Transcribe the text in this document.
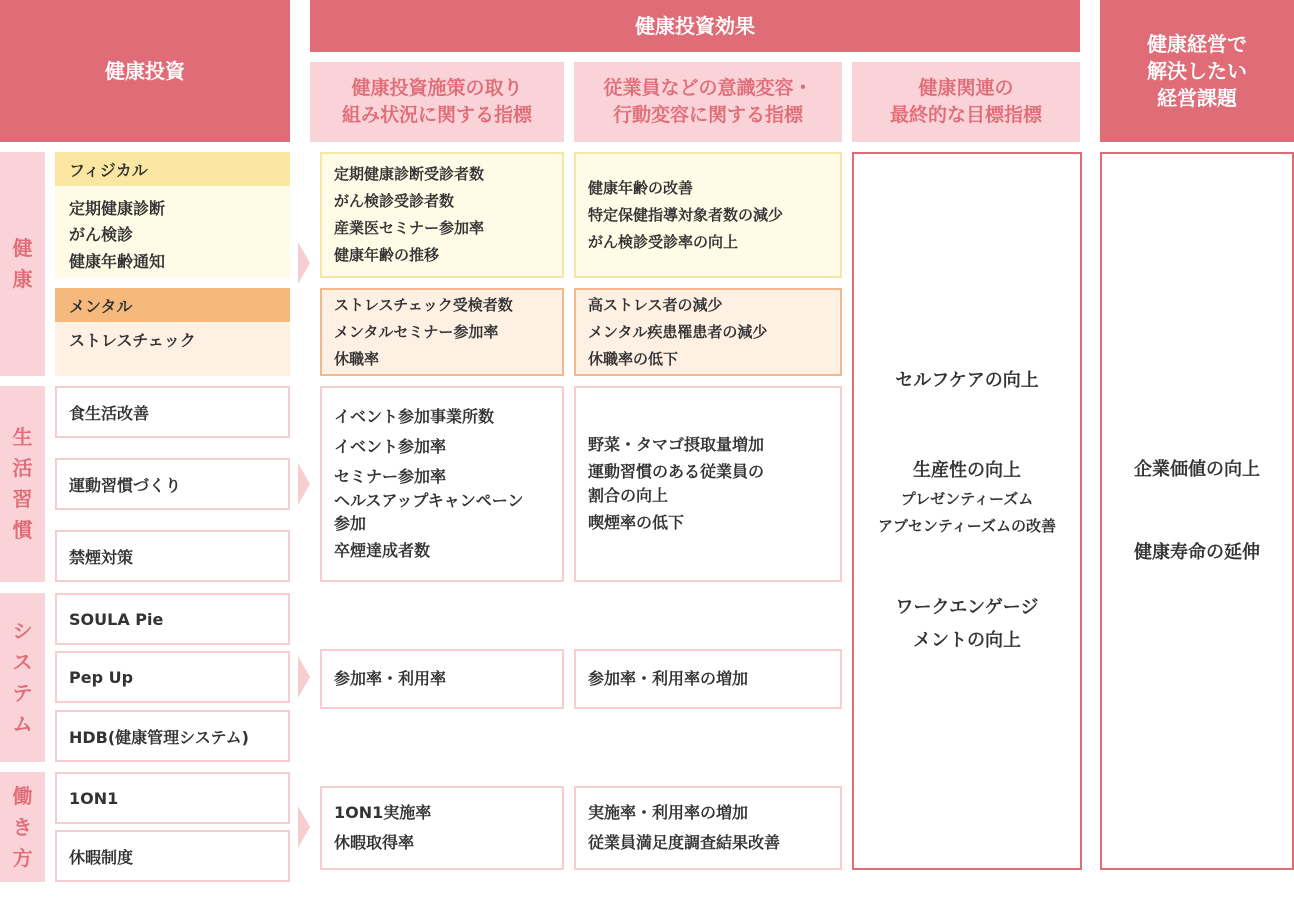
健康投資
健康投資効果
健康経営で
解決したい
経営課題
健康投資施策の取り
組み状況に関する指標
従業員などの意識変容・
行動変容に関する指標
健康関連の
最終的な目標指標
健
康
生
活
習
慣
シ
ス
テ
ム
働
き
方
フィジカル
定期健康診断
がん検診
健康年齢通知
メンタル
ストレスチェック
食生活改善
運動習慣づくり
禁煙対策
SOULA Pie
Pep Up
HDB(健康管理システム)
1ON1
休暇制度
定期健康診断受診者数
がん検診受診者数
産業医セミナー参加率
健康年齢の推移
ストレスチェック受検者数
メンタルセミナー参加率
休職率
イベント参加事業所数
イベント参加率
セミナー参加率
ヘルスアップキャンペーン
参加
卒煙達成者数
参加率・利用率
1ON1実施率
休暇取得率
健康年齢の改善
特定保健指導対象者数の減少
がん検診受診率の向上
高ストレス者の減少
メンタル疾患罹患者の減少
休職率の低下
野菜・タマゴ摂取量増加
運動習慣のある従業員の
割合の向上
喫煙率の低下
参加率・利用率の増加
実施率・利用率の増加
従業員満足度調査結果改善
セルフケアの向上
生産性の向上
プレゼンティーズム
アブセンティーズムの改善
ワークエンゲージ
メントの向上
企業価値の向上
健康寿命の延伸
